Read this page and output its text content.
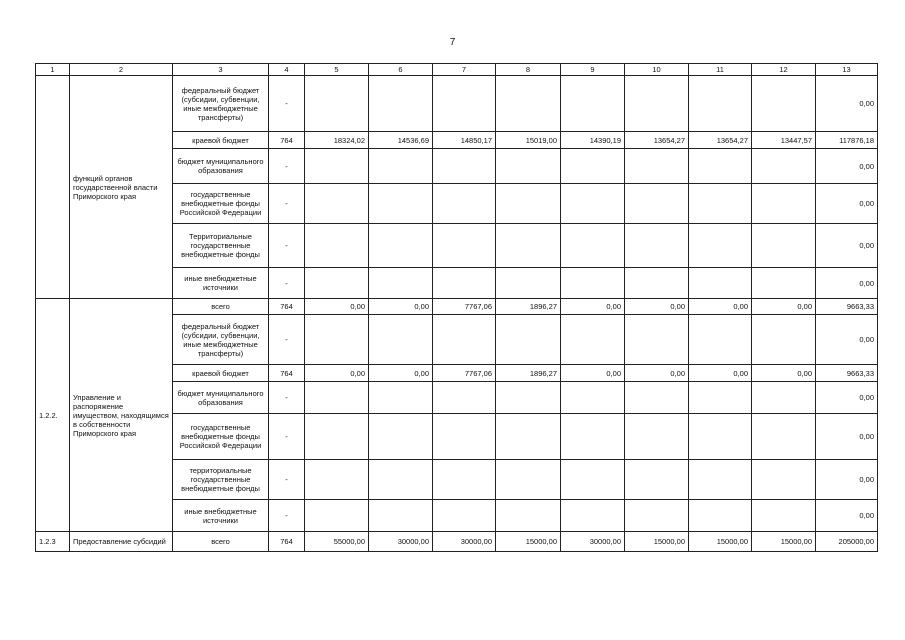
7
1	2	3	4	5	6	7	8	9	10	11	12	13
	функций органов государственной власти Приморского края	федеральный бюджет (субсидии, субвенции, иные межбюджетные трансферты)	-									0,00
		краевой бюджет	764	18324,02	14536,69	14850,17	15019,00	14390,19	13654,27	13654,27	13447,57	117876,18
		бюджет муниципального образования	-									0,00
		государственные внебюджетные фонды Российской Федерации	-									0,00
		Территориальные государственные внебюджетные фонды	-									0,00
		иные внебюджетные источники	-									0,00
1.2.2.	Управление и распоряжение имуществом, находящимся в собственности Приморского края	всего	764	0,00	0,00	7767,06	1896,27	0,00	0,00	0,00	0,00	9663,33
		федеральный бюджет (субсидии, субвенции, иные межбюджетные трансферты)	-									0,00
		краевой бюджет	764	0,00	0,00	7767,06	1896,27	0,00	0,00	0,00	0,00	9663,33
		бюджет муниципального образования	-									0,00
		государственные внебюджетные фонды Российской Федерации	-									0,00
		территориальные государственные внебюджетные фонды	-									0,00
		иные внебюджетные источники	-									0,00
1.2.3	Предоставление субсидий	всего	764	55000,00	30000,00	30000,00	15000,00	30000,00	15000,00	15000,00	15000,00	205000,00
